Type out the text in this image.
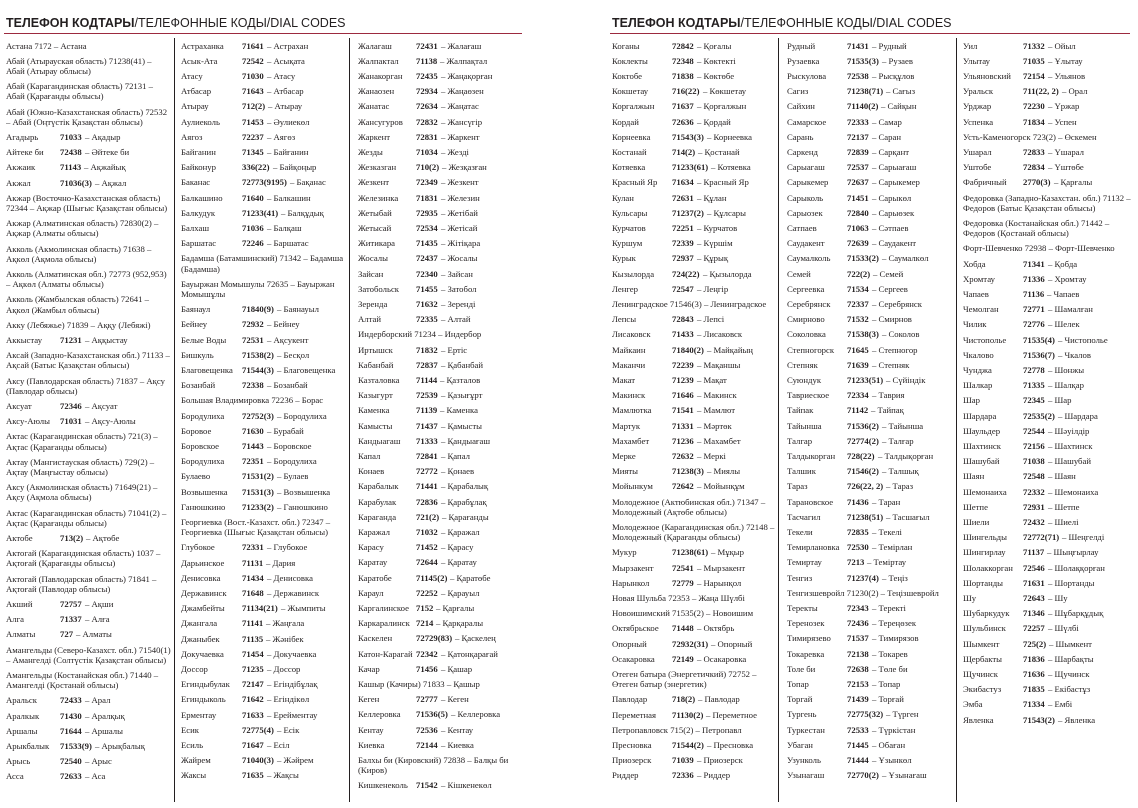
ТЕЛЕФОН КОДТАРЫ/ТЕЛЕФОННЫЕ КОДЫ/DIAL CODES
Астана 7172 – Астана
Абай (Атырауская область) 71238(41) – Абай (Атырау облысы)
Абай (Карагандинская область) 72131 – Абай (Қарағанды облысы)
Абай (Южно-Казахстанская область) 72532 – Абай (Оңтүстік Қазақстан облысы)
Агадырь 71033 – Ақадыр
Айтеке би 72438 – Әйтеке би
Акжаик	71143 – Ақжайық
Акжал	71036(3) – Ақжал
Акжар (Восточно-Казахстанская область) 72344 – Ақжар (Шығыс Қазақстан облысы)
Акжар (Алматинская область) 72830(2) – Ақжар (Алматы облысы)
Акколь (Акмолинская область) 71638 – Ақкөл (Ақмола облысы)
Акколь (Алматинская обл.) 72773 (952,953) – Ақкөл (Алматы облысы)
Акколь (Жамбылская область) 72641 – Ақкөл (Жамбыл облысы)
Акку (Лебяжье) 71839 – Аққу (Лебяжі)
Аккыстау 71231 – Аққыстау
Аксай (Западно-Казахстанская обл.) 71133 – Ақсай (Батыс Қазақстан облысы)
Аксу (Павлодарская область) 71837 – Ақсу (Павлодар облысы)
Аксуат	72346 – Ақсуат
Аксу-Аюлы 71031 – Ақсу-Аюлы
Актас (Карагандинская область) 721(3) – Ақтас (Қарағанды облысы)
Актау (Мангистауская область) 729(2) – Ақтау (Маңғыстау облысы)
Аксу (Акмолинская область) 71649(21) – Ақсу (Ақмола облысы)
Актас (Карагандинская область) 71041(2) – Ақтас (Қарағанды облысы)
Актобе	713(2) – Ақтөбе
Актогай (Карагандинская область) 1037 – Ақтоғай (Қарағанды облысы)
Актогай (Павлодарская область) 71841 – Ақтоғай (Павлодар облысы)
Акший	72757 – Ақши
Алга	71337 – Алға
Алматы	727 – Алматы
Амангельды (Северо-Казахст. обл.) 71540(1) – Амангелді (Солтүстік Қазақстан облысы)
Амангельды (Костанайская обл.) 71440 – Амангелді (Қостанай облысы)
Аральск	72433 – Арал
Аралкык 71430 – Аралқық
Аршалы	71644 – Аршалы
Арыкбалык 71533(9) – Арықбалық
Арысь	72540 – Арыс
Асса	72633 – Аса
Астраханка 71641 – Астрахан
Асык-Ата	72542 – Асықата
Атасу	71030 – Атасу
Атбасар	71643 – Атбасар
Атырау	712(2) – Атырау
Аулиеколь	71453 – Әулиекөл
Аягоз	72237 – Аягөз
Байганин	71345 – Байғанин
Байконур	336(22) – Байқоңыр
Баканас	72773(9195) – Бақанас
Балкашино 71640 – Балкашин
Балкудук	71233(41) – Балқұдық
Балхаш	71036 – Балқаш
Баршатас	72246 – Баршатас
Бадамша (Батамшинский) 71342 – Бадамша (Бадамша)
Бауыржан Момышулы 72635 – Бауыржан Момышұлы
Баянаул	71840(9) – Баянауыл
Бейнеу	72932 – Бейнеу
Белые Воды 72531 – Ақсукент
Бишкуль	71538(2) – Бесқол
Благовещенка 71544(3) – Благовещенка
Бозанбай	72338 – Бозанбай
Большая Владимировка 72236 – Борас
Бородулиха 72752(3) – Бородулиха
Боровое	71630 – Бурабай
Боровское	71443 – Боровское
Бородулиха 72351 – Бородулиха
Булаево	71531(2) – Булаев
Возвышенка 71531(3) – Возвышенка
Ганюшкино 71233(2) – Ганюшкино
Георгиевка (Вост.-Казахст. обл.) 72347 – Георгиевка (Шығыс Қазақстан облысы)
Глубокое	72331 – Глубокое
Дарьинское 71131 – Дария
Денисовка 71434 – Денисовка
Державинск 71648 – Державинск
Джамбейты 71134(21) – Жымпиты
Джангала	71141 – Жаңғала
Джаныбек	71135 – Жәнібек
Докучаевка 71454 – Докучаевка
Доссор	71235 – Доссор
Егиндыбулак 72147 – Егіндібұлақ
Егиндыколь 71642 – Егіндікөл
Ерментау	71633 – Ерейментау
Есик	72775(4) – Есік
Есиль	71647 – Есіл
Жайрем	71040(3) – Жәйрем
Жаксы	71635 – Жақсы
Жалагаш	72431 – Жалағаш
Жалпактал 71138 – Жалпақтал
Жанакорган 72435 – Жаңақорған
Жанаозен	72934 – Жаңаөзен
Жанатас	72634 – Жаңатас
Жансугуров 72832 – Жансүгір
Жаркент	72831 – Жаркент
Жезды	71034 – Жезді
Жезказган 710(2) – Жезқазған
Жезкент	72349 – Жезкент
Железинка 71831 – Железин
Жетыбай	72935 – Жетібай
Жетысай	72534 – Жетісай
Житикара 71435 – Жітіқара
Жосалы	72437 – Жосалы
Зайсан	72340 – Зайсан
Затобольск 71455 – Затобол
Зеренда	71632 – Зеренді
Алтай	72335 – Алтай
Индерборский 71234 – Индербор
Иртышск	71832 – Ертіс
Кабанбай	72837 – Қабанбай
Казталовка 71144 – Қазталов
Казыгурт	72539 – Қазығұрт
Каменка	71139 – Каменка
Камысты	71437 – Қамысты
Кандыагаш 71333 – Қандыағаш
Капал	72841 – Қапал
Конаев	72772 – Қонаев
Карабалык 71441 – Қарабалық
Карабулак 72836 – Қарабұлақ
Караганда 721(2) – Қарағанды
Каражал	71032 – Қаражал
Карасу	71452 – Қарасу
Каратау	72644 – Қаратау
Каратобе	71145(2) – Қаратөбе
Караул	72252 – Қарауыл
Каргалинское 7152 – Қарғалы
Каркаралинск 7214 – Қарқаралы
Каскелен	72729(83) – Қаскелең
Катон-Карагай 72342 – Қатонқарағай
Качар	71456 – Қашар
Кашыр (Качиры) 71833 – Қашыр
Кеген	72777 – Кеген
Келлеровка 71536(5) – Келлеровка
Кентау	72536 – Кентау
Киевка	72144 – Киевка
Балхы би (Кировский) 72838 – Балқы би (Киров)
Кишкенеколь 71542 – Кішкенекөл
ТЕЛЕФОН КОДТАРЫ/ТЕЛЕФОННЫЕ КОДЫ/DIAL CODES
Коганы	72842 – Қоғалы
Коклекты	72348 – Көктекті
Коктобе	71838 – Көктөбе
Кокшетау	716(22) – Көкшетау
Коргалжын 71637 – Қорғалжын
Кордай	72636 – Қордай
Корнеевка 71543(3) – Корнеевка
Костанай	714(2) – Қостанай
Котяевка	71233(61) – Котяевка
Красный Яр 71634 – Красный Яр
Кулан	72631 – Құлан
Кульсары	71237(2) – Құлсары
Курчатов	72251 – Курчатов
Куршум	72339 – Күршім
Курык	72937 – Құрық
Кызылорда 724(22) – Қызылорда
Ленгер	72547 – Леңгір
Ленинградское 71546(3) – Ленинградское
Лепсы	72843 – Лепсі
Лисаковск 71433 – Лисаковск
Майкаин	71840(2) – Майқайың
Маканчи	72239 – Мақаншы
Макат	71239 – Мақат
Макинск	71646 – Макинск
Мамлютка 71541 – Мамлют
Мартук	71331 – Мәртөк
Махамбет	71236 – Махамбет
Мерке	72632 – Меркі
Мияты	71238(3) – Миялы
Мойынкум 72642 – Мойынқұм
Молодежное (Актюбинская обл.) 71347 – Молодежный (Ақтөбе облысы)
Молодежное (Карагандинская обл.) 72148 – Молодежный (Қарағанды облысы)
Мукур	71238(61) – Мұқыр
Мырзакент 72541 – Мырзакент
Нарынкол	72779 – Нарынқол
Новая Шульба 72353 – Жаңа Шүлбі
Новоишимский 71535(2) – Новоишим
Октябрьское 71448 – Октябрь
Опорный	72932(31) – Опорный
Осакаровка 72149 – Осакаровка
Отеген батыра (Энергетичкий) 72752 – Өтеген батыр (энергетик)
Павлодар	718(2) – Павлодар
Переметная 71130(2) – Переметное
Петропавловск 715(2) – Петропавл
Пресновка 71544(2) – Пресновка
Приозерск 71039 – Приозерск
Риддер	72336 – Риддер
Рудный	71431 – Рудный
Рузаевка	71535(3) – Рузаев
Рыскулова 72538 – Рысқұлов
Сагиз	71238(71) – Сағыз
Сайхин	71140(2) – Сайқын
Самарское 72333 – Самар
Сарань	72137 – Саран
Саркенд	72839 – Сарқант
Сарыагаш	72537 – Сарыағаш
Сарыкемер 72637 – Сарыкемер
Сарыколь	71451 – Сарыкөл
Сарыозек	72840 – Сарыөзек
Сатпаев	71063 – Сәтпаев
Саудакент	72639 – Саудакент
Саумалколь 71533(2) – Саумалкөл
Семей	722(2) – Семей
Сергеевка	71534 – Сергеев
Серебрянск 72337 – Серебрянск
Смирново	71532 – Смирнов
Соколовка 71538(3) – Соколов
Степногорск 71645 – Степногор
Степняк	71639 – Степняк
Суюндук	71233(51) – Сүйіндік
Тавриеское 72334 – Таврия
Тайпак	71142 – Тайпақ
Тайынша	71536(2) – Тайынша
Талгар	72774(2) – Талғар
Талдыкорган 728(22) – Талдықорған
Талшик	71546(2) – Талшық
Тараз	726(22, 2) – Тараз
Тарановское 71436 – Таран
Тасчагил	71238(51) – Тасшағыл
Текели	72835 – Текелі
Темирлановка 72530 – Темірлан
Темиртау	7213 – Теміртау
Тенгиз	71237(4) – Теңіз
Тенгизшевройл 71230(2) – Теңізшевройл
Теректы	72343 – Теректі
Теренозек	72436 – Тереңөзек
Тимирязево 71537 – Тимирязов
Токаревка	72138 – Токарев
Толе би	72638 – Төле би
Топар	72153 – Топар
Торгай	71439 – Торғай
Тургень	72775(32) – Түрген
Туркестан	72533 – Түркістан
Убаган	71445 – Обаған
Узунколь	71444 – Ұзынкөл
Узынагаш	72770(2) – Ұзынағаш
Уил	71332 – Ойыл
Улытау	71035 – Ұлытау
Ульяновский 72154 – Ульянов
Уральск	711(22, 2) – Орал
Урджар	72230 – Үржар
Успенка	71834 – Успен
Усть-Каменогорск 723(2) – Өскемен
Ушарал	72833 – Үшарал
Уштобе	72834 – Үштөбе
Фабричный 2770(3) – Қарғалы
Федоровка (Западно-Казахстан. обл.) 71132 – Федоров (Батыс Қазақстан облысы)
Федоровка (Костанайская обл.) 71442 – Федоров (Қостанай облысы)
Форт-Шевченко 72938 – Форт-Шевченко
Хобда	71341 – Қобда
Хромтау	71336 – Хромтау
Чапаев	71136 – Чапаев
Чемолган	72771 – Шамалған
Чилик	72776 – Шелек
Чистополье 71535(4) – Чистополье
Чкалово	71536(7) – Чкалов
Чунджа	72778 – Шонжы
Шалкар	71335 – Шалқар
Шар	72345 – Шар
Шардара	72535(2) – Шардара
Шаульдер	72544 – Шәуілдір
Шахтинск	72156 – Шахтинск
Шашубай	71038 – Шашубай
Шаян	72548 – Шаян
Шемонаиха 72332 – Шемонаиха
Шетпе	72931 – Шетпе
Шиели	72432 – Шиелі
Шингельды 72772(71) – Шеңгелді
Шингирлау 71137 – Шыңғырлау
Шолаккорган 72546 – Шолаққорған
Шортанды 71631 – Шортанды
Шу	72643 – Шу
Шубаркудук 71346 – Шұбарқұдық
Шульбинск 72257 – Шүлбі
Шымкент	725(2) – Шымкент
Щербакты 71836 – Шарбақты
Щучинск	71636 – Щучинск
Экибастуз	71835 – Екібастұз
Эмба	71334 – Ембі
Явленка	71543(2) – Явленка
